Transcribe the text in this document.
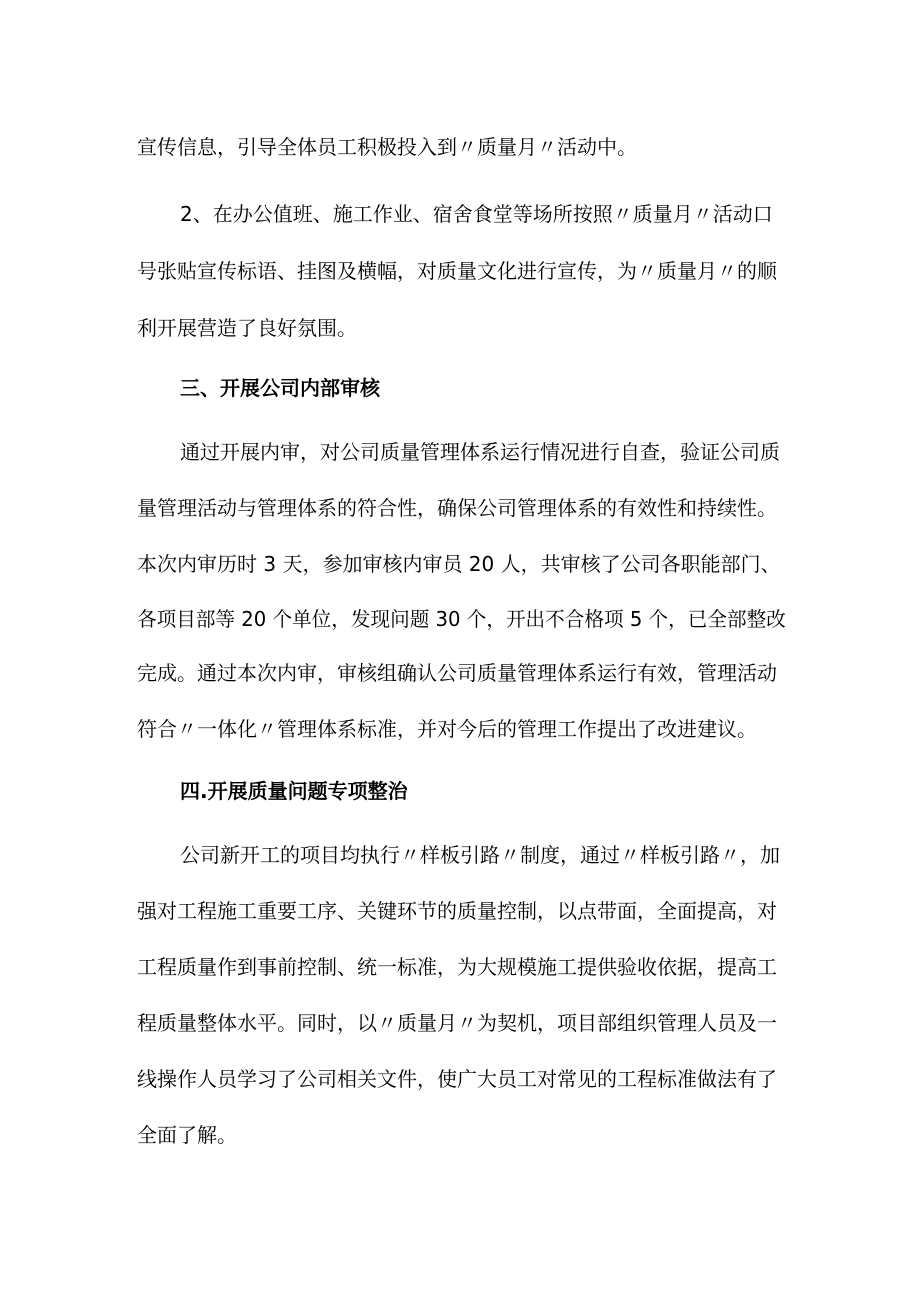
宣传信息，引导全体员工积极投入到〃质量月〃活动中。
2、在办公值班、施工作业、宿舍食堂等场所按照〃质量月〃活动口
号张贴宣传标语、挂图及横幅，对质量文化进行宣传，为〃质量月〃的顺
利开展营造了良好氛围。
三、开展公司内部审核
通过开展内审，对公司质量管理体系运行情况进行自查，验证公司质
量管理活动与管理体系的符合性，确保公司管理体系的有效性和持续性。
本次内审历时 3 天，参加审核内审员 20 人，共审核了公司各职能部门、
各项目部等 20 个单位，发现问题 30 个，开出不合格项 5 个，已全部整改
完成。通过本次内审，审核组确认公司质量管理体系运行有效，管理活动
符合〃一体化〃管理体系标准，并对今后的管理工作提出了改进建议。
四.开展质量问题专项整治
公司新开工的项目均执行〃样板引路〃制度，通过〃样板引路〃，加
强对工程施工重要工序、关键环节的质量控制，以点带面，全面提高，对
工程质量作到事前控制、统一标准，为大规模施工提供验收依据，提高工
程质量整体水平。同时，以〃质量月〃为契机，项目部组织管理人员及一
线操作人员学习了公司相关文件，使广大员工对常见的工程标准做法有了
全面了解。
